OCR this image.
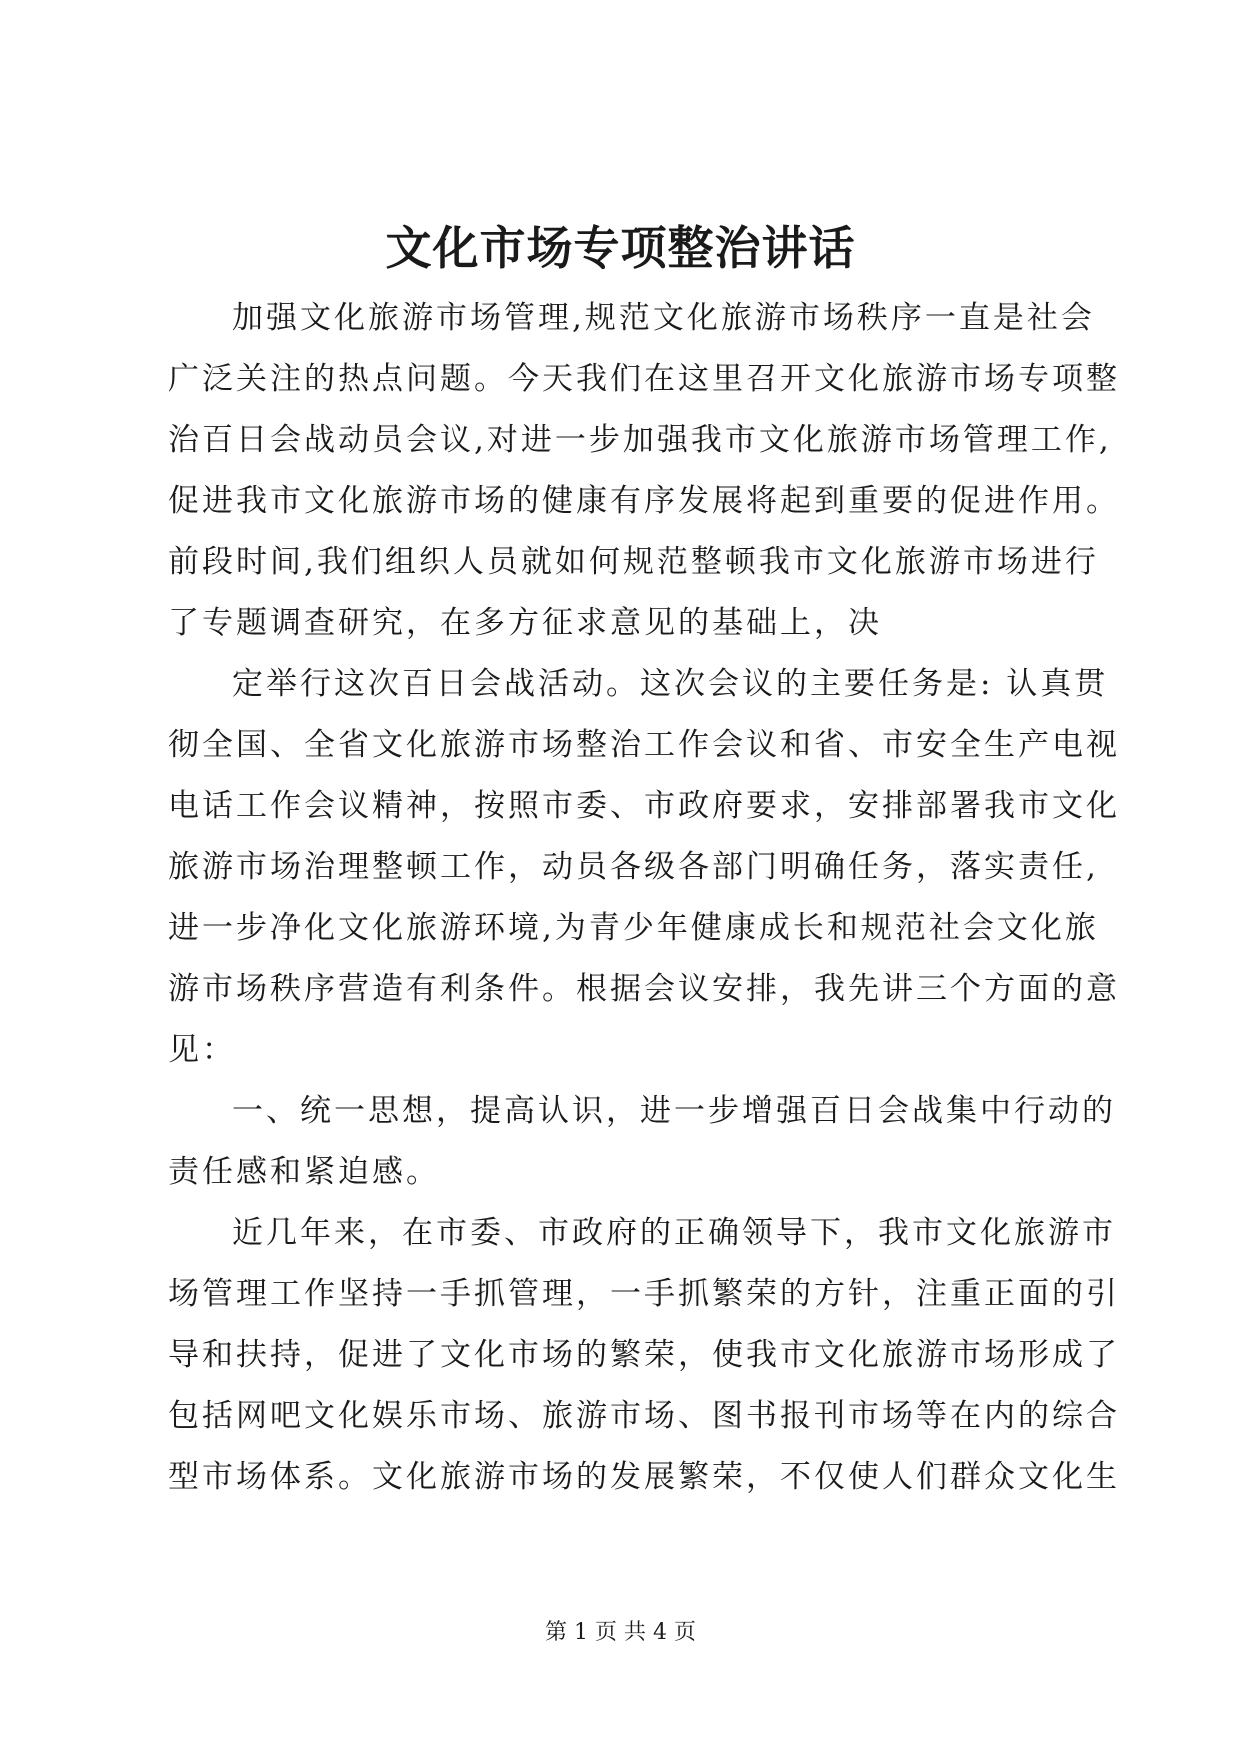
文化市场专项整治讲话

加强文化旅游市场管理,规范文化旅游市场秩序一直是社会
广泛关注的热点问题。今天我们在这里召开文化旅游市场专项整
治百日会战动员会议,对进一步加强我市文化旅游市场管理工作,
促进我市文化旅游市场的健康有序发展将起到重要的促进作用。
前段时间,我们组织人员就如何规范整顿我市文化旅游市场进行
了专题调查研究，在多方征求意见的基础上，决

定举行这次百日会战活动。这次会议的主要任务是: 认真贯
彻全国、全省文化旅游市场整治工作会议和省、市安全生产电视
电话工作会议精神，按照市委、市政府要求，安排部署我市文化
旅游市场治理整顿工作，动员各级各部门明确任务，落实责任,
进一步净化文化旅游环境,为青少年健康成长和规范社会文化旅
游市场秩序营造有利条件。根据会议安排，我先讲三个方面的意
见：

一、统一思想，提高认识，进一步增强百日会战集中行动的
责任感和紧迫感。

近几年来，在市委、市政府的正确领导下，我市文化旅游市
场管理工作坚持一手抓管理，一手抓繁荣的方针，注重正面的引
导和扶持，促进了文化市场的繁荣，使我市文化旅游市场形成了
包括网吧文化娱乐市场、旅游市场、图书报刊市场等在内的综合
型市场体系。文化旅游市场的发展繁荣，不仅使人们群众文化生

第 1 页 共 4 页
